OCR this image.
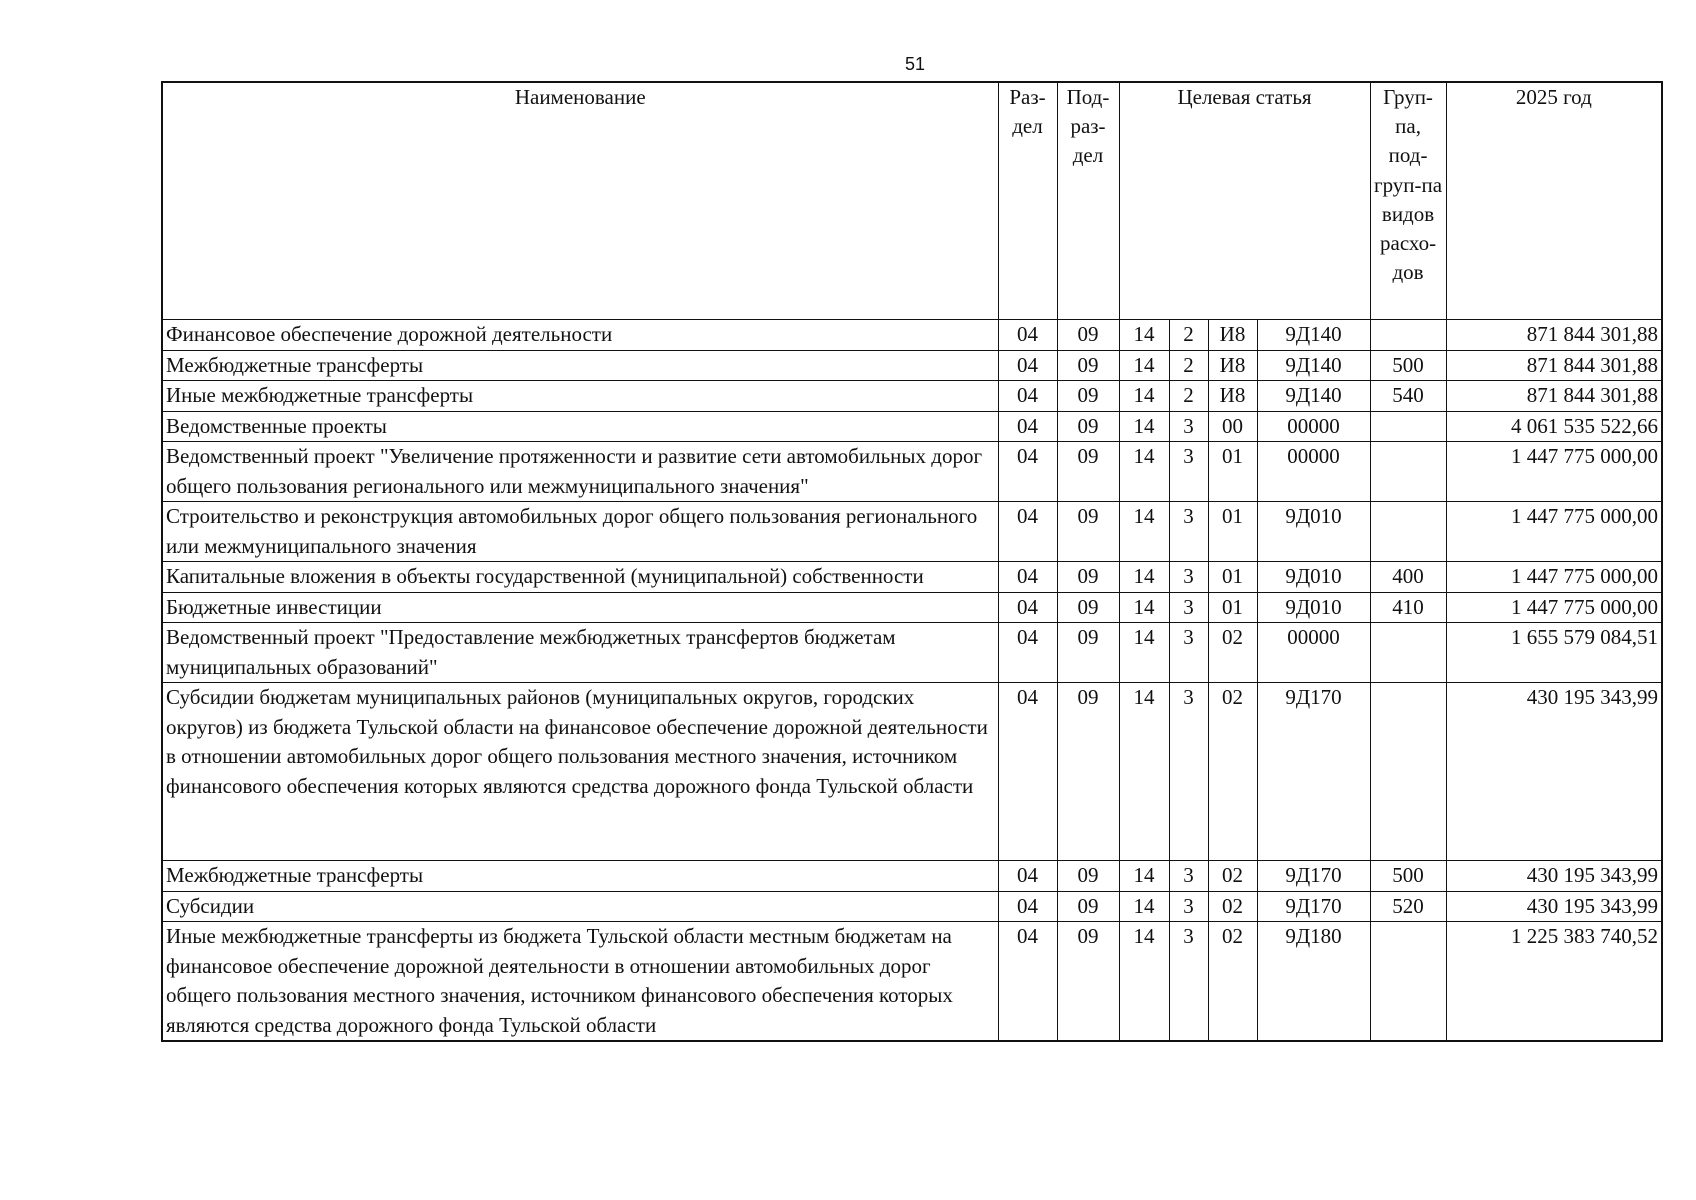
51
Наименование	Раз-дел	Под-раз-дел	Целевая статья				Груп-па, под-груп-па видов расхо-дов	2025 год
Финансовое обеспечение дорожной деятельности	04	09	14	2	И8	9Д140		871 844 301,88
Межбюджетные трансферты	04	09	14	2	И8	9Д140	500	871 844 301,88
Иные межбюджетные трансферты	04	09	14	2	И8	9Д140	540	871 844 301,88
Ведомственные проекты	04	09	14	3	00	00000		4 061 535 522,66
Ведомственный проект "Увеличение протяженности и развитие сети автомобильных дорог общего пользования регионального или межмуниципального значения"	04	09	14	3	01	00000		1 447 775 000,00
Строительство и реконструкция автомобильных дорог общего пользования регионального или межмуниципального значения	04	09	14	3	01	9Д010		1 447 775 000,00
Капитальные вложения в объекты государственной (муниципальной) собственности	04	09	14	3	01	9Д010	400	1 447 775 000,00
Бюджетные инвестиции	04	09	14	3	01	9Д010	410	1 447 775 000,00
Ведомственный проект "Предоставление межбюджетных трансфертов бюджетам муниципальных образований"	04	09	14	3	02	00000		1 655 579 084,51
Субсидии бюджетам муниципальных районов (муниципальных округов, городских округов) из бюджета Тульской области на финансовое обеспечение дорожной деятельности в отношении автомобильных дорог общего пользования местного значения, источником финансового обеспечения которых являются средства дорожного фонда Тульской области	04	09	14	3	02	9Д170		430 195 343,99
Межбюджетные трансферты	04	09	14	3	02	9Д170	500	430 195 343,99
Субсидии	04	09	14	3	02	9Д170	520	430 195 343,99
Иные межбюджетные трансферты из бюджета Тульской области местным бюджетам на финансовое обеспечение дорожной деятельности в отношении автомобильных дорог общего пользования местного значения, источником финансового обеспечения которых являются средства дорожного фонда Тульской области	04	09	14	3	02	9Д180		1 225 383 740,52
